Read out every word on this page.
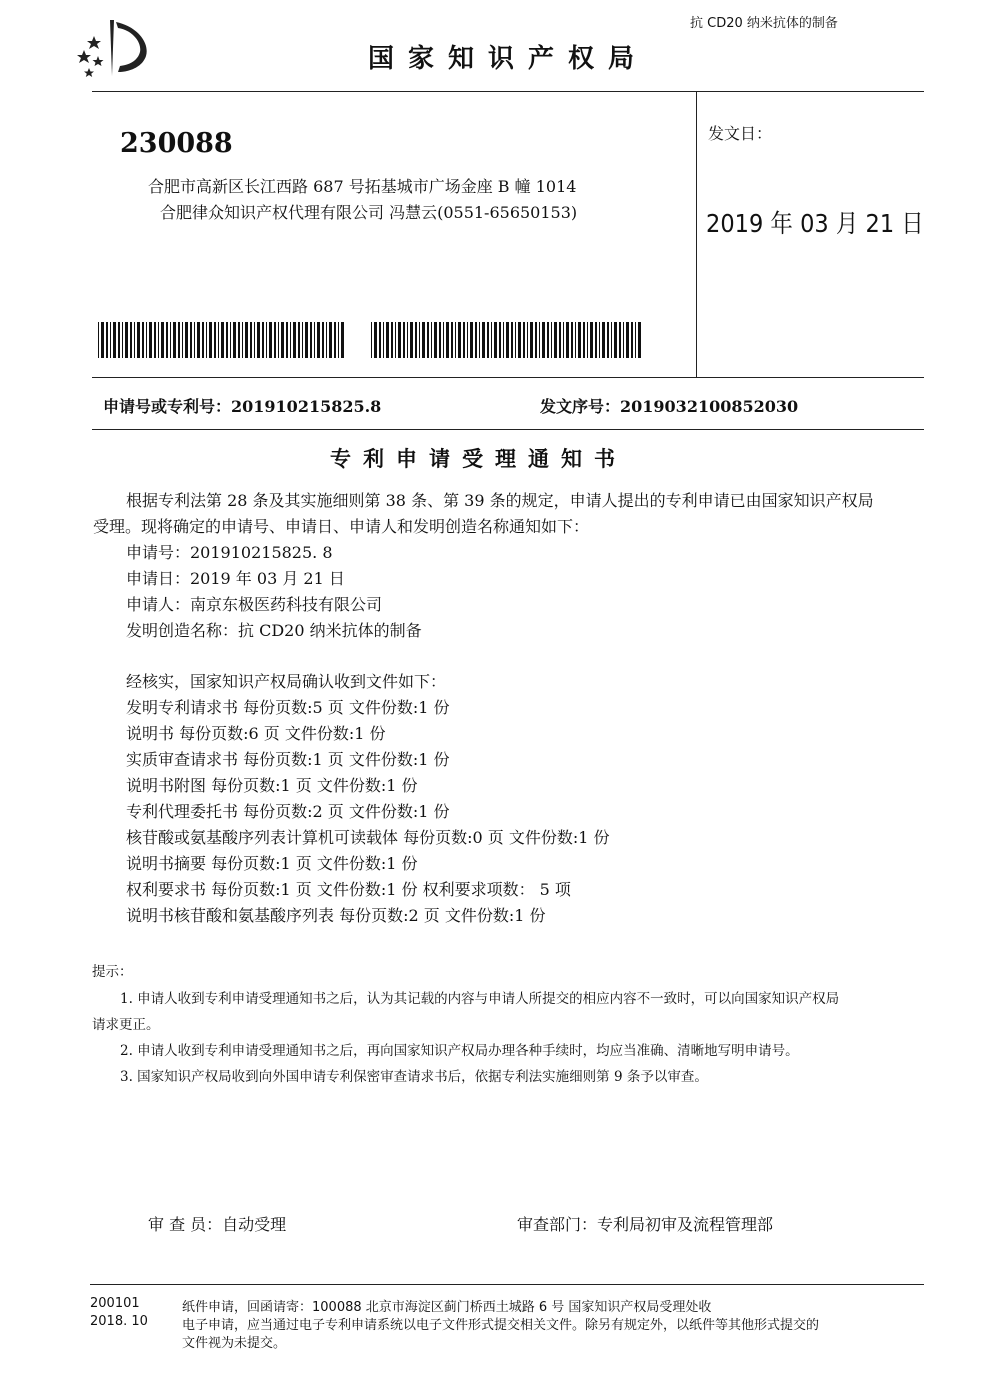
抗 CD20 纳米抗体的制备
国家知识产权局
230088
合肥市高新区长江西路 687 号拓基城市广场金座 B 幢 1014
合肥律众知识产权代理有限公司 冯慧云(0551-65650153)
发文日：
2019 年 03 月 21 日
申请号或专利号：201910215825.8	发文序号：2019032100852030
专利申请受理通知书
根据专利法第 28 条及其实施细则第 38 条、第 39 条的规定，申请人提出的专利申请已由国家知识产权局
受理。现将确定的申请号、申请日、申请人和发明创造名称通知如下：
申请号：201910215825. 8
申请日：2019 年 03 月 21 日
申请人：南京东极医药科技有限公司
发明创造名称：抗 CD20 纳米抗体的制备
经核实，国家知识产权局确认收到文件如下：
发明专利请求书 每份页数:5 页 文件份数:1 份
说明书 每份页数:6 页 文件份数:1 份
实质审查请求书 每份页数:1 页 文件份数:1 份
说明书附图 每份页数:1 页 文件份数:1 份
专利代理委托书 每份页数:2 页 文件份数:1 份
核苷酸或氨基酸序列表计算机可读载体 每份页数:0 页 文件份数:1 份
说明书摘要 每份页数:1 页 文件份数:1 份
权利要求书 每份页数:1 页 文件份数:1 份 权利要求项数： 5 项
说明书核苷酸和氨基酸序列表 每份页数:2 页 文件份数:1 份
提示：
1. 申请人收到专利申请受理通知书之后，认为其记载的内容与申请人所提交的相应内容不一致时，可以向国家知识产权局
请求更正。
2. 申请人收到专利申请受理通知书之后，再向国家知识产权局办理各种手续时，均应当准确、清晰地写明申请号。
3. 国家知识产权局收到向外国申请专利保密审查请求书后，依据专利法实施细则第 9 条予以审查。
审 查 员：自动受理	审查部门：专利局初审及流程管理部
200101
2018. 10
纸件申请，回函请寄：100088 北京市海淀区蓟门桥西土城路 6 号 国家知识产权局受理处收
电子申请，应当通过电子专利申请系统以电子文件形式提交相关文件。除另有规定外，以纸件等其他形式提交的
文件视为未提交。
